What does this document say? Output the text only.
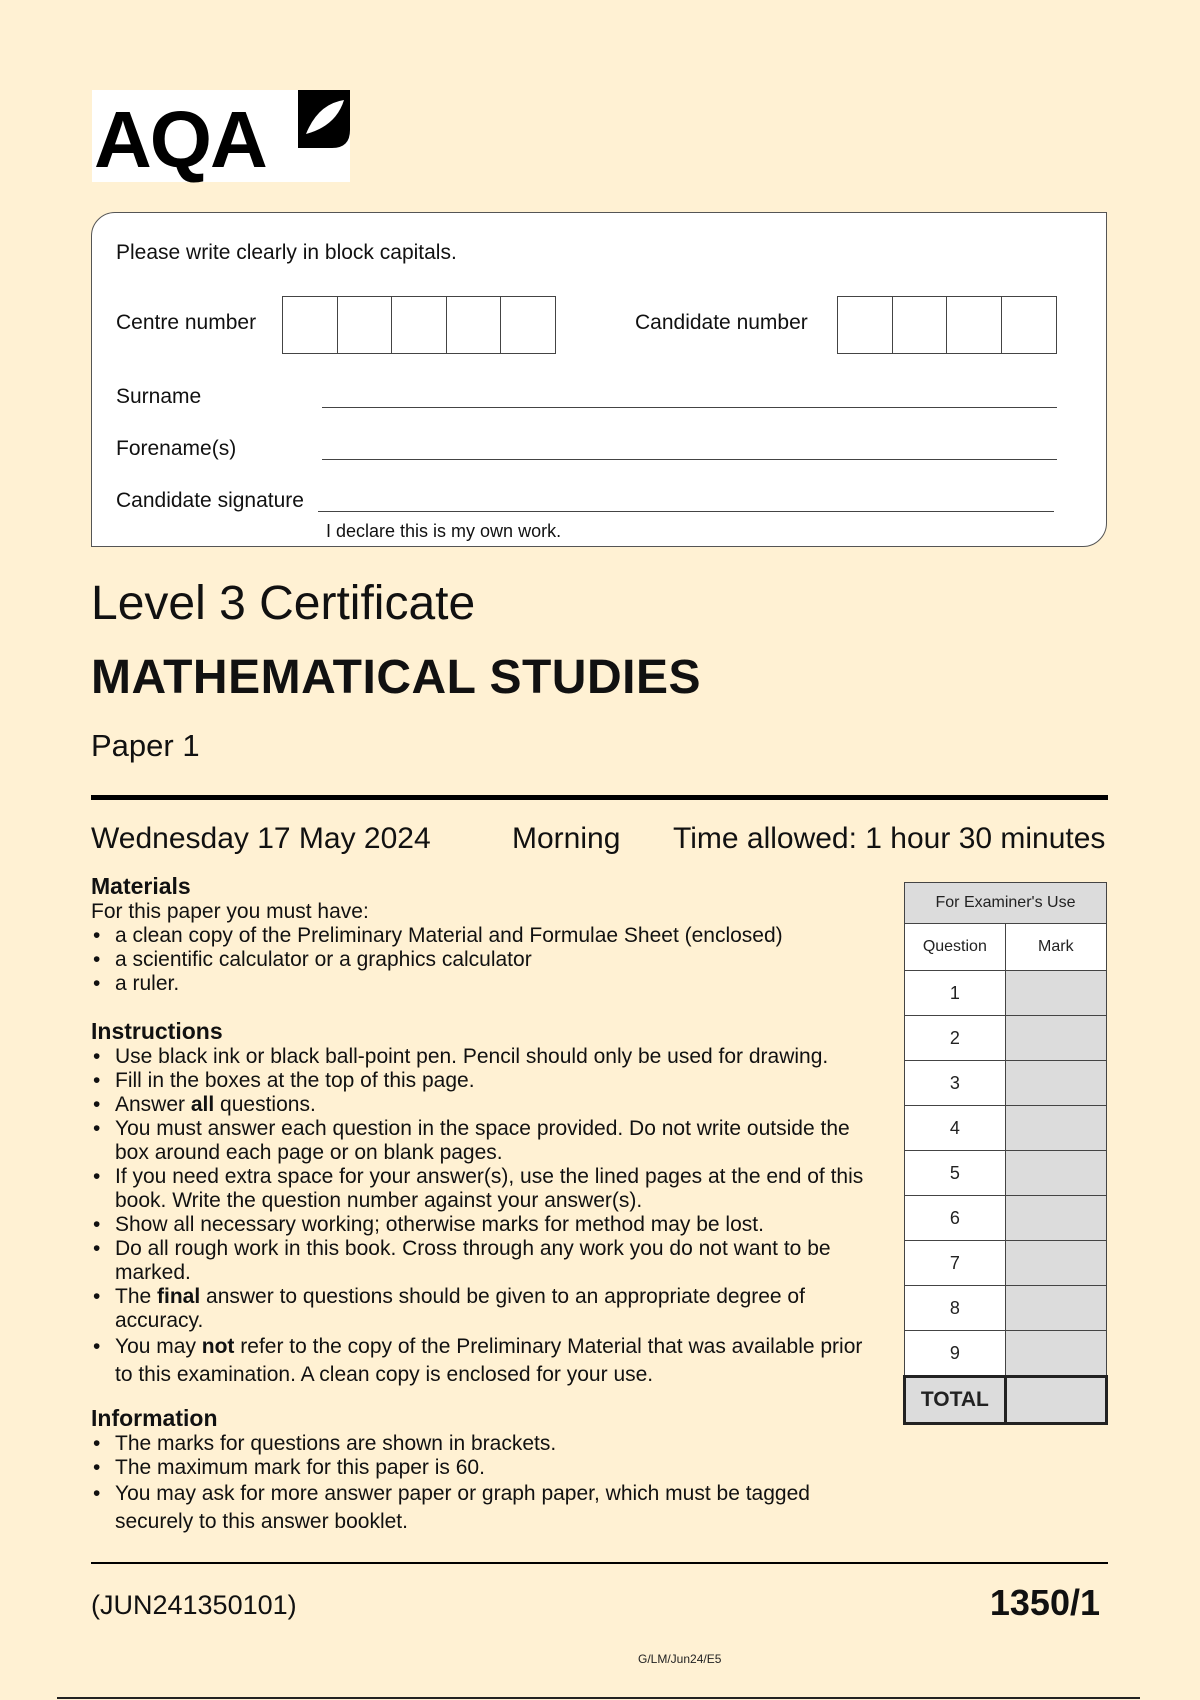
AQA
Please write clearly in block capitals.
Centre number	Candidate number
Surname
Forename(s)
Candidate signature
I declare this is my own work.
Level 3 Certificate
MATHEMATICAL STUDIES
Paper 1
Wednesday 17 May 2024	Morning Time allowed: 1 hour 30 minutes
Materials
For this paper you must have:
• a clean copy of the Preliminary Material and Formulae Sheet (enclosed)
• a scientific calculator or a graphics calculator
• a ruler.
Instructions
• Use black ink or black ball-point pen. Pencil should only be used for drawing.
• Fill in the boxes at the top of this page.
• Answer all questions.
• You must answer each question in the space provided. Do not write outside the box around each page or on blank pages.
• If you need extra space for your answer(s), use the lined pages at the end of this book. Write the question number against your answer(s).
• Show all necessary working; otherwise marks for method may be lost.
• Do all rough work in this book. Cross through any work you do not want to be marked.
• The final answer to questions should be given to an appropriate degree of accuracy.
• You may not refer to the copy of the Preliminary Material that was available prior to this examination. A clean copy is enclosed for your use.
Information
• The marks for questions are shown in brackets.
• The maximum mark for this paper is 60.
• You may ask for more answer paper or graph paper, which must be tagged securely to this answer booklet.
For Examiner's Use	
Question	Mark
1	
2	
3	
4	
5	
6	
7	
8	
9	
TOTAL	
(JUN241350101)	1350/1
G/LM/Jun24/E5
